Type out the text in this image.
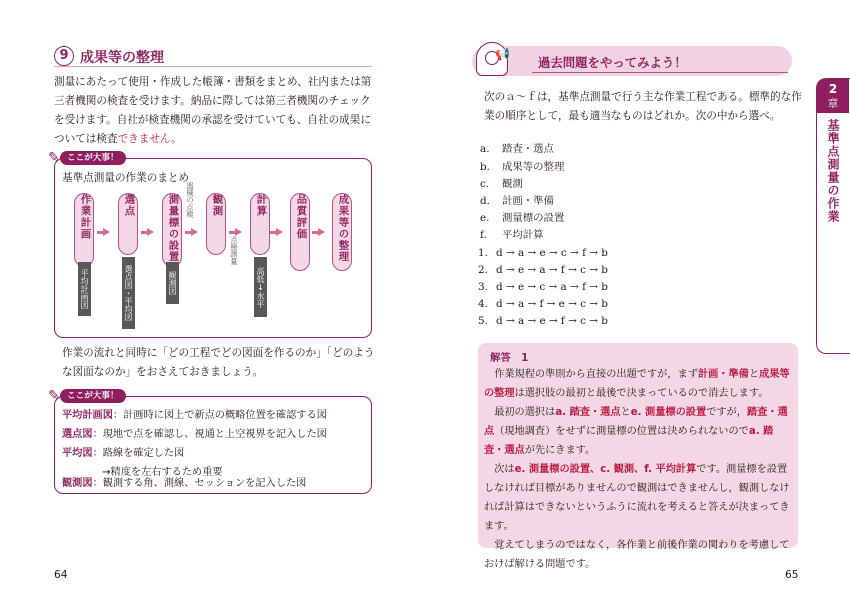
9 成果等の整理
測量にあたって使用・作成した帳簿・書類をまとめ、社内または第三者機関の検査を受けます。納品に際しては第三者機関のチェックを受けます。自社が検査機関の承認を受けていても、自社の成果については検査できません。
✎ ここが大事！
基準点測量の作業のまとめ
作業計画	選点	測量標の設置	観測	計算	品質評価	成果等の整理
平均計画図	選点図・平均図	観測図	高低↓水平
器械の点検
点検測量
作業の流れと同時に「どの工程でどの図面を作るのか」「どのような図面なのか」をおさえておきましょう。
✎ ここが大事！
平均計画図：計画時に図上で新点の概略位置を確認する図
選点図：現地で点を確認し、視通と上空視界を記入した図
平均図：路線を確定した図
→精度を左右するため重要
観測図：観測する角、測線、セッションを記入した図
64
📢
過去問題をやってみよう！
次のａ～ｆは，基準点測量で行う主な作業工程である。標準的な作業の順序として，最も適当なものはどれか。次の中から選べ。
a. 踏査・選点
b. 成果等の整理
c. 観測
d. 計画・準備
e. 測量標の設置
f. 平均計算
1. d → a → e → c → f → b
2. d → e → a → f → c → b
3. d → e → c → a → f → b
4. d → a → f → e → c → b
5. d → a → e → f → c → b
解答　1

作業規程の準則から直接の出題ですが，まず計画・準備と成果等の整理は選択肢の最初と最後で決まっているので消去します。

最初の選択はa. 踏査・選点とe. 測量標の設置ですが，踏査・選点（現地調査）をせずに測量標の位置は決められないのでa. 踏査・選点が先にきます。

次はe. 測量標の設置、c. 観測、f. 平均計算です。測量標を設置しなければ目標がありませんので観測はできませんし，観測しなければ計算はできないというふうに流れを考えると答えが決まってきます。

覚えてしまうのではなく，各作業と前後作業の関わりを考慮しておけば解ける問題です。

2
章
基準点測量の作業
65
